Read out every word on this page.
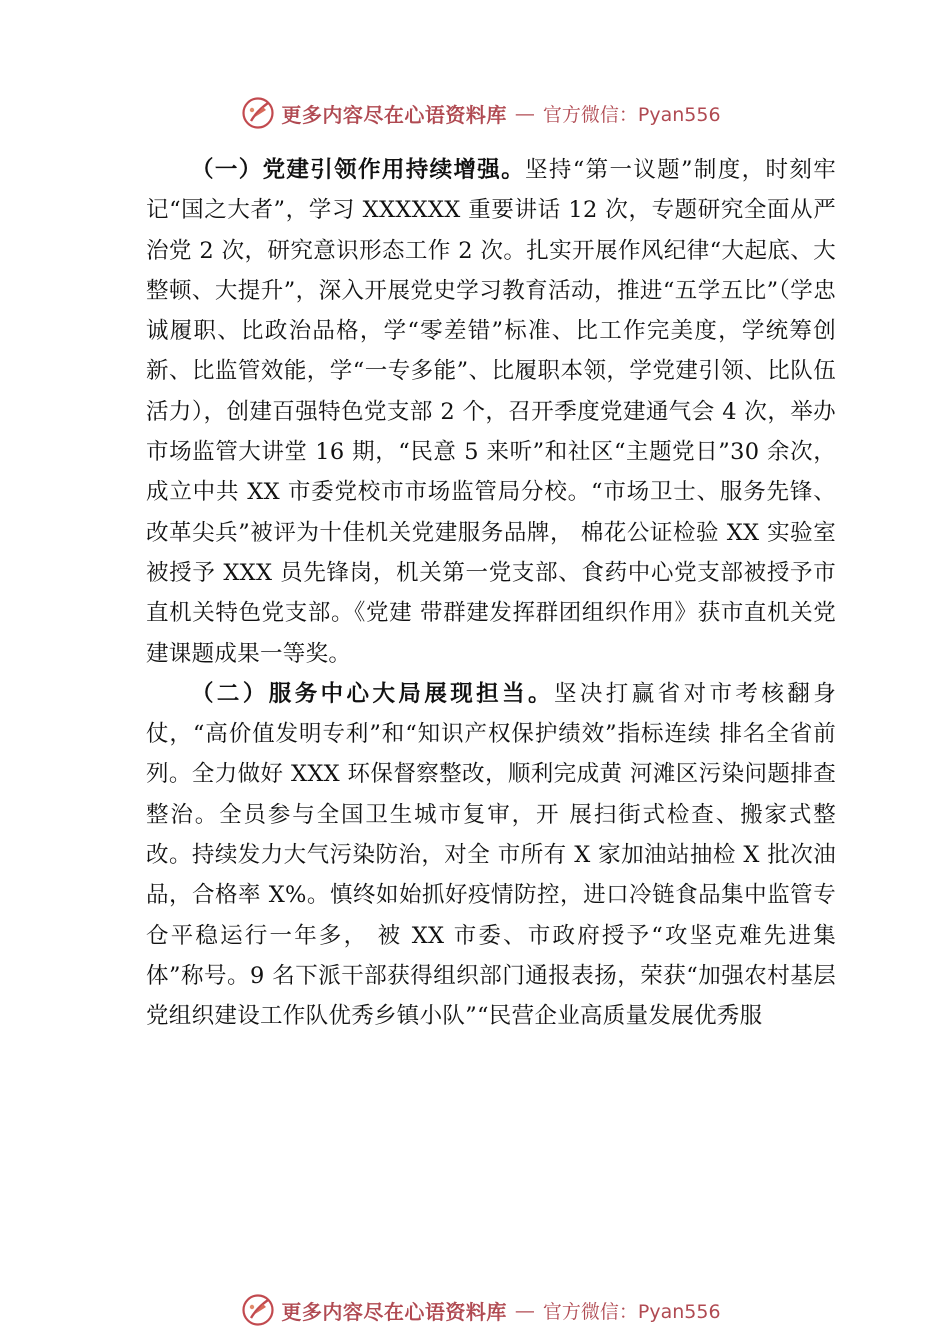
更多内容尽在心语资料库 — 官方微信：Pyan556

（一）党建引领作用持续增强。坚持“第一议题”制度，时刻牢记“国之大者”，学习 XXXXXX 重要讲话 12 次，专题研究全面从严治党 2 次，研究意识形态工作 2 次。扎实开展作风纪律“大起底、大整顿、大提升”，深入开展党史学习教育活动，推进“五学五比”（学忠诚履职、比政治品格，学“零差错”标准、比工作完美度，学统筹创新、比监管效能，学“一专多能”、比履职本领，学党建引领、比队伍活力），创建百强特色党支部 2 个，召开季度党建通气会 4 次，举办市场监管大讲堂 16 期，“民意 5 来听”和社区“主题党日”30 余次，成立中共 XX 市委党校市市场监管局分校。“市场卫士、服务先锋、改革尖兵”被评为十佳机关党建服务品牌， 棉花公证检验 XX 实验室被授予 XXX 员先锋岗，机关第一党支部、食药中心党支部被授予市直机关特色党支部。《党建 带群建发挥群团组织作用》获市直机关党建课题成果一等奖。

（二）服务中心大局展现担当。坚决打赢省对市考核翻身仗，“高价值发明专利”和“知识产权保护绩效”指标连续 排名全省前列。全力做好 XXX 环保督察整改，顺利完成黄 河滩区污染问题排查整治。全员参与全国卫生城市复审，开 展扫街式检查、搬家式整改。持续发力大气污染防治，对全 市所有 X 家加油站抽检 X 批次油品，合格率 X%。慎终如始抓好疫情防控，进口冷链食品集中监管专仓平稳运行一年多， 被 XX 市委、市政府授予“攻坚克难先进集体”称号。9 名下派干部获得组织部门通报表扬，荣获“加强农村基层党组织建设工作队优秀乡镇小队”“民营企业高质量发展优秀服

更多内容尽在心语资料库 — 官方微信：Pyan556
